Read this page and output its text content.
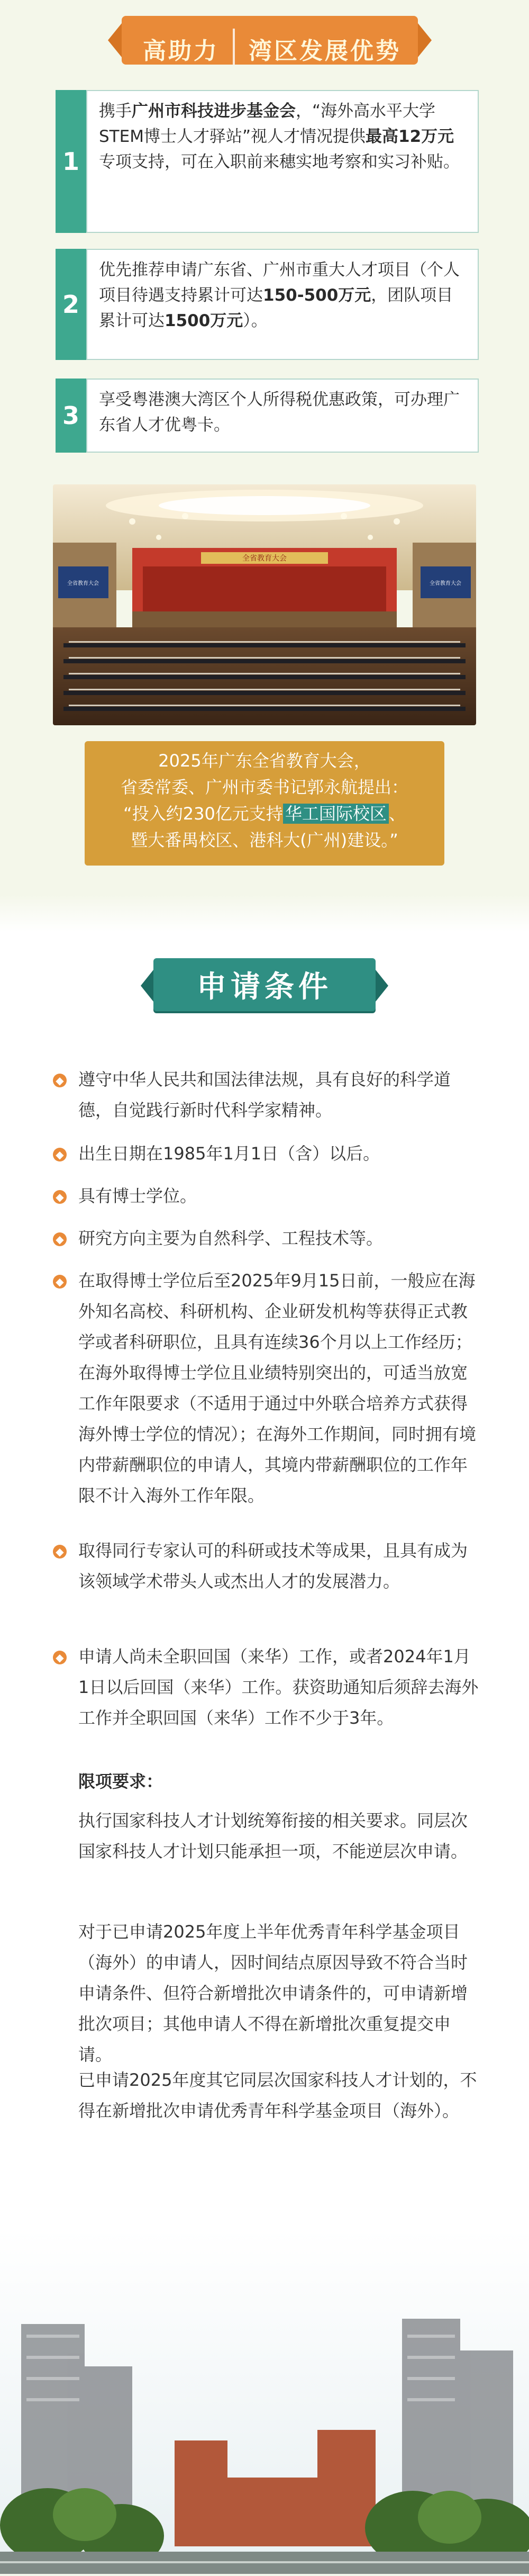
高助力 湾区发展优势
1
携手广州市科技进步基金会，“海外高水平大学STEM博士人才驿站”视人才情况提供最高12万元专项支持，可在入职前来穗实地考察和实习补贴。
2
优先推荐申请广东省、广州市重大人才项目（个人项目待遇支持累计可达150-500万元，团队项目累计可达1500万元）。
3
享受粤港澳大湾区个人所得税优惠政策，可办理广东省人才优粤卡。
全省教育大会	全省教育大会
全省教育大会
2025年广东全省教育大会，
省委常委、广州市委书记郭永航提出：
“投入约230亿元支持 华工国际校区 、
暨大番禺校区、港科大(广州)建设。”
申请条件
◆ 遵守中华人民共和国法律法规，具有良好的科学道德，自觉践行新时代科学家精神。
◆ 出生日期在1985年1月1日（含）以后。
◆ 具有博士学位。
◆ 研究方向主要为自然科学、工程技术等。
◆ 在取得博士学位后至2025年9月15日前，一般应在海外知名高校、科研机构、企业研发机构等获得正式教学或者科研职位，且具有连续36个月以上工作经历；在海外取得博士学位且业绩特别突出的，可适当放宽工作年限要求（不适用于通过中外联合培养方式获得海外博士学位的情况）；在海外工作期间，同时拥有境内带薪酬职位的申请人，其境内带薪酬职位的工作年限不计入海外工作年限。
◆ 取得同行专家认可的科研或技术等成果，且具有成为该领域学术带头人或杰出人才的发展潜力。
◆ 申请人尚未全职回国（来华）工作，或者2024年1月1日以后回国（来华）工作。获资助通知后须辞去海外工作并全职回国（来华）工作不少于3年。
限项要求：
执行国家科技人才计划统筹衔接的相关要求。同层次国家科技人才计划只能承担一项，不能逆层次申请。
对于已申请2025年度上半年优秀青年科学基金项目（海外）的申请人，因时间结点原因导致不符合当时申请条件、但符合新增批次申请条件的，可申请新增批次项目；其他申请人不得在新增批次重复提交申请。
已申请2025年度其它同层次国家科技人才计划的，不得在新增批次申请优秀青年科学基金项目（海外）。
